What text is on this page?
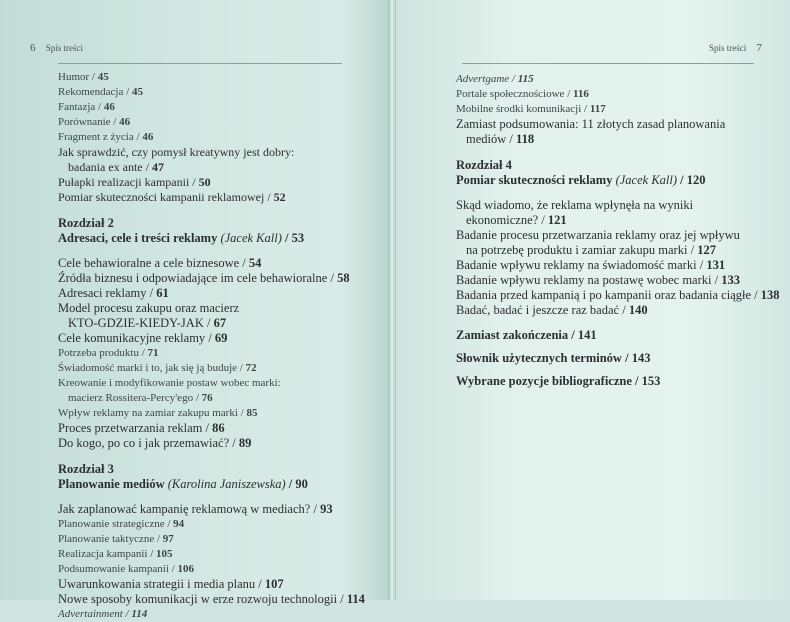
6 Spis treści
Humor / 45
Rekomendacja / 45
Fantazja / 46
Porównanie / 46
Fragment z życia / 46
Jak sprawdzić, czy pomysł kreatywny jest dobry:
badania ex ante / 47
Pułapki realizacji kampanii / 50
Pomiar skuteczności kampanii reklamowej / 52
Rozdział 2
Adresaci, cele i treści reklamy (Jacek Kall) / 53
Cele behawioralne a cele biznesowe / 54
Źródła biznesu i odpowiadające im cele behawioralne / 58
Adresaci reklamy / 61
Model procesu zakupu oraz macierz
KTO-GDZIE-KIEDY-JAK / 67
Cele komunikacyjne reklamy / 69
Potrzeba produktu / 71
Świadomość marki i to, jak się ją buduje / 72
Kreowanie i modyfikowanie postaw wobec marki:
macierz Rossitera-Percy'ego / 76
Wpływ reklamy na zamiar zakupu marki / 85
Proces przetwarzania reklam / 86
Do kogo, po co i jak przemawiać? / 89
Rozdział 3
Planowanie mediów (Karolina Janiszewska) / 90
Jak zaplanować kampanię reklamową w mediach? / 93
Planowanie strategiczne / 94
Planowanie taktyczne / 97
Realizacja kampanii / 105
Podsumowanie kampanii / 106
Uwarunkowania strategii i media planu / 107
Nowe sposoby komunikacji w erze rozwoju technologii / 114
Advertainment / 114
Spis treści 7
Advertgame / 115
Portale społecznościowe / 116
Mobilne środki komunikacji / 117
Zamiast podsumowania: 11 złotych zasad planowania
mediów / 118
Rozdział 4
Pomiar skuteczności reklamy (Jacek Kall) / 120
Skąd wiadomo, że reklama wpłynęła na wyniki
ekonomiczne? / 121
Badanie procesu przetwarzania reklamy oraz jej wpływu
na potrzebę produktu i zamiar zakupu marki / 127
Badanie wpływu reklamy na świadomość marki / 131
Badanie wpływu reklamy na postawę wobec marki / 133
Badania przed kampanią i po kampanii oraz badania ciągłe / 138
Badać, badać i jeszcze raz badać / 140
Zamiast zakończenia / 141
Słownik użytecznych terminów / 143
Wybrane pozycje bibliograficzne / 153
